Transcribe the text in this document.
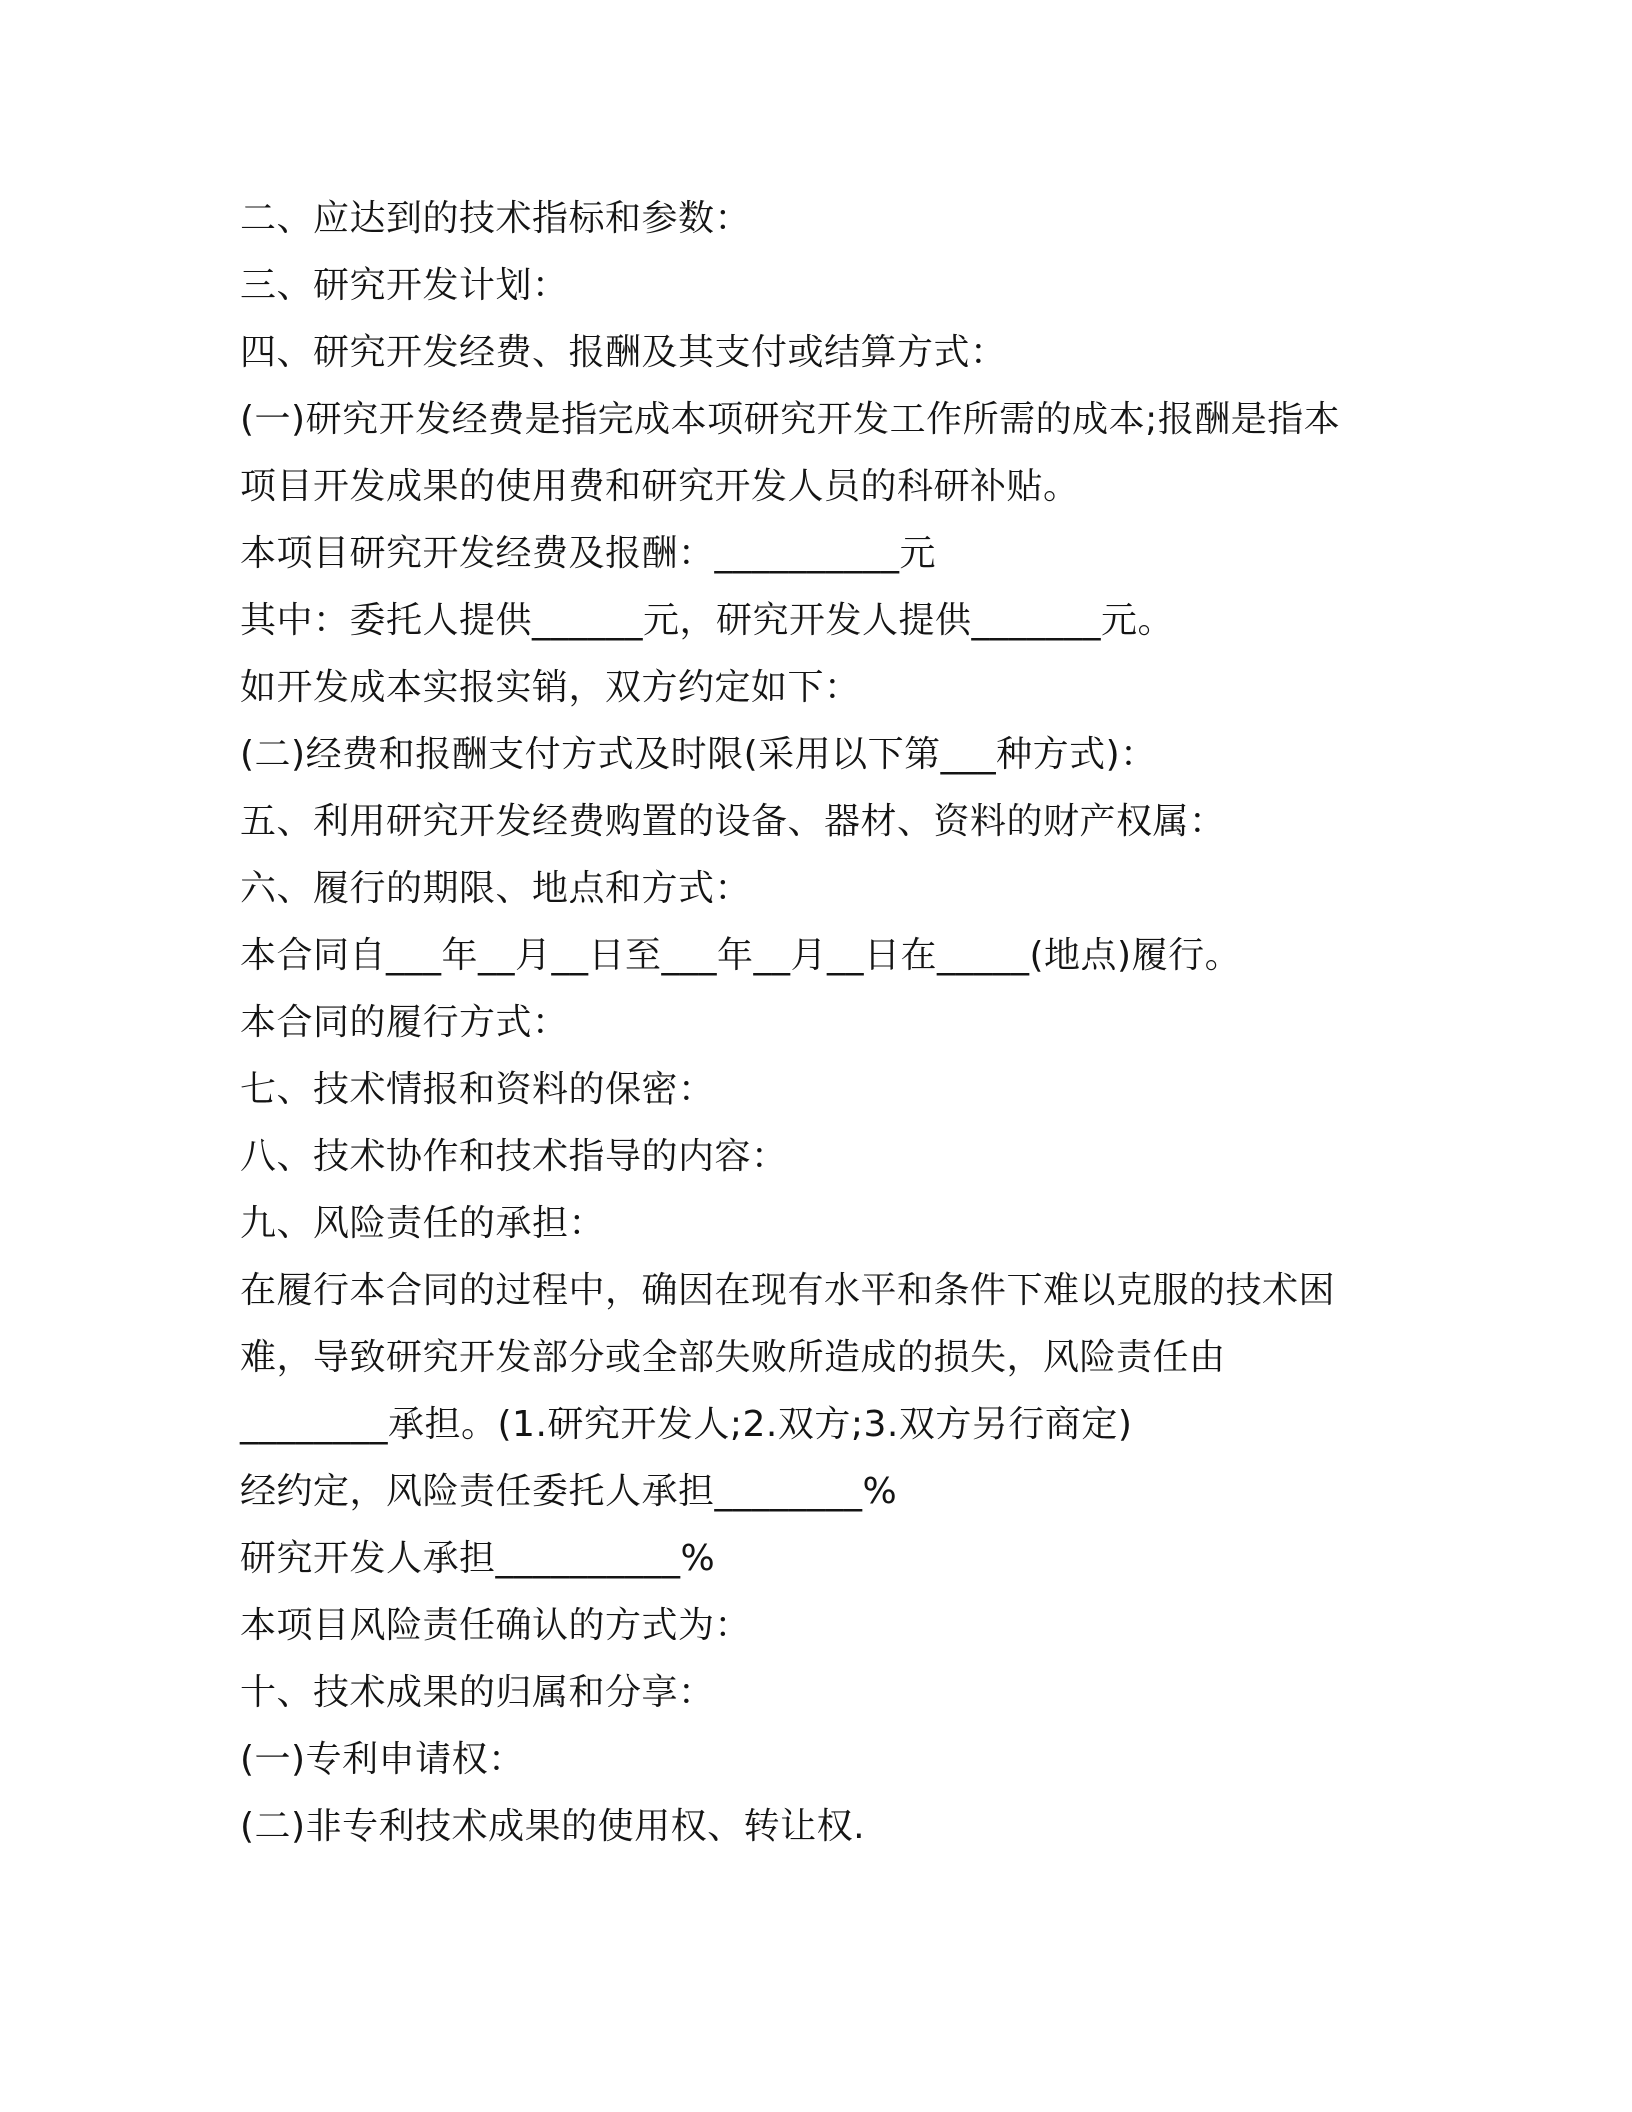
二、应达到的技术指标和参数：
三、研究开发计划：
四、研究开发经费、报酬及其支付或结算方式：
(一)研究开发经费是指完成本项研究开发工作所需的成本;报酬是指本
项目开发成果的使用费和研究开发人员的科研补贴。
本项目研究开发经费及报酬：__________元
其中：委托人提供______元，研究开发人提供_______元。
如开发成本实报实销，双方约定如下：
(二)经费和报酬支付方式及时限(采用以下第___种方式)：
五、利用研究开发经费购置的设备、器材、资料的财产权属：
六、履行的期限、地点和方式：
本合同自___年__月__日至___年__月__日在_____(地点)履行。
本合同的履行方式：
七、技术情报和资料的保密：
八、技术协作和技术指导的内容：
九、风险责任的承担：
在履行本合同的过程中，确因在现有水平和条件下难以克服的技术困
难，导致研究开发部分或全部失败所造成的损失，风险责任由
________承担。(1.研究开发人;2.双方;3.双方另行商定)
经约定，风险责任委托人承担________%
研究开发人承担__________%
本项目风险责任确认的方式为：
十、技术成果的归属和分享：
(一)专利申请权：
(二)非专利技术成果的使用权、转让权.
